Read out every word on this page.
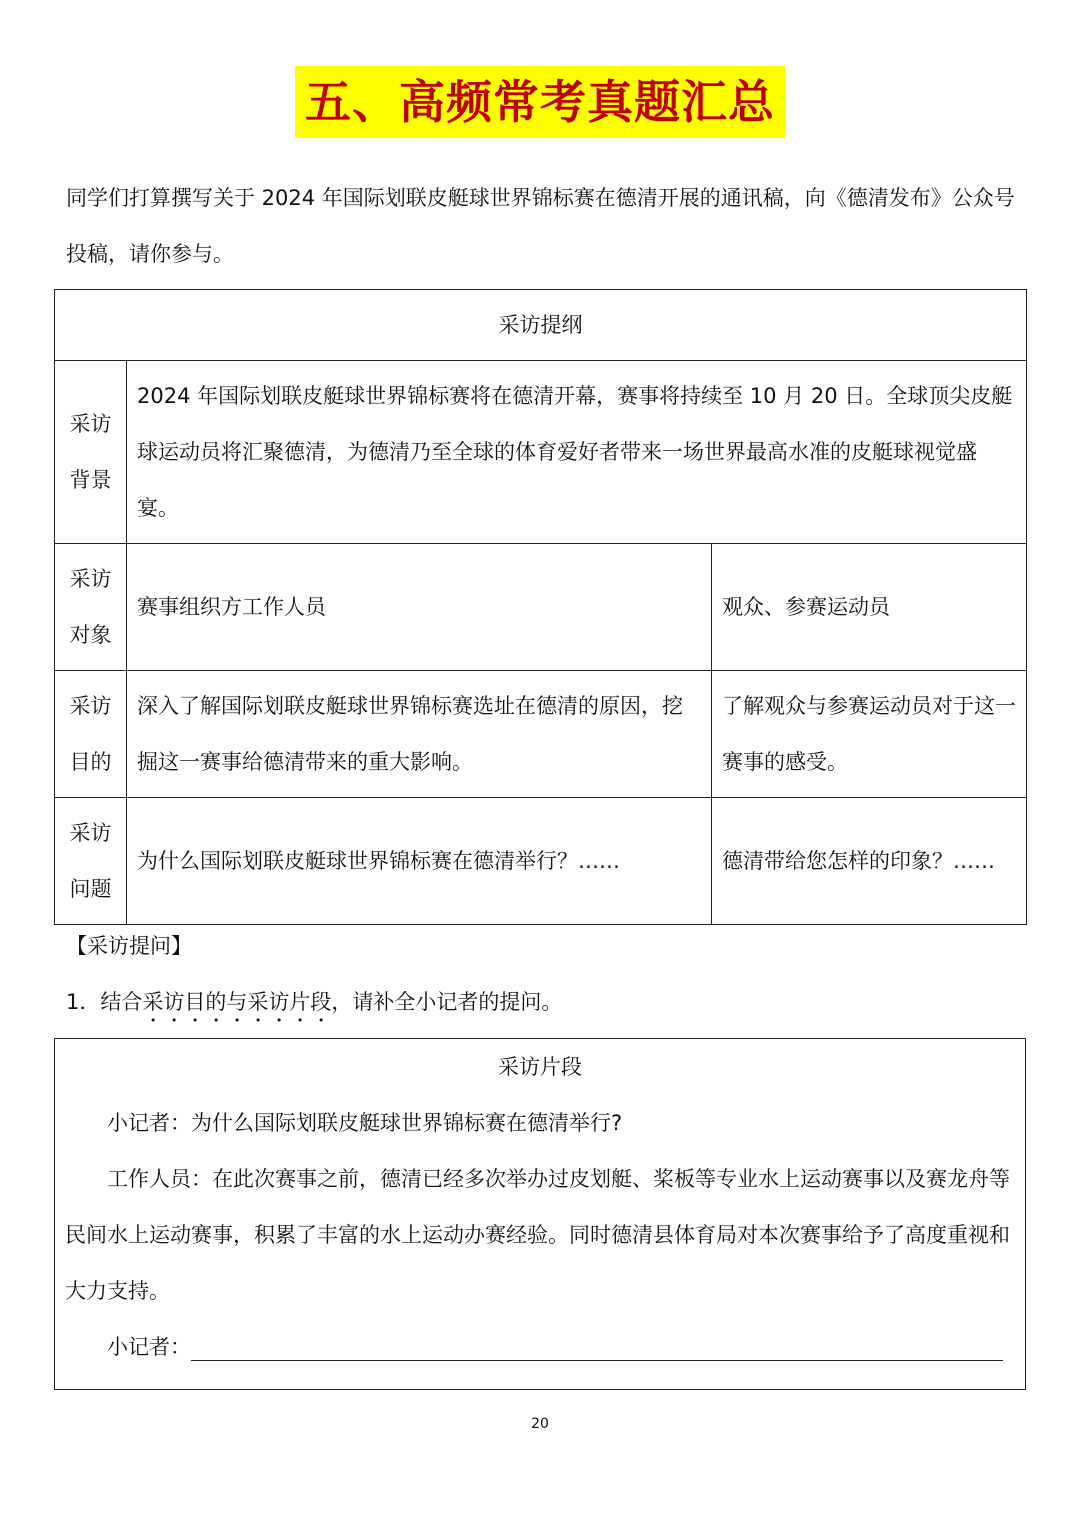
五、高频常考真题汇总

同学们打算撰写关于 2024 年国际划联皮艇球世界锦标赛在德清开展的通讯稿，向《德清发布》公众号投稿，请你参与。

采访提纲		

采访
背景	2024 年国际划联皮艇球世界锦标赛将在德清开幕，赛事将持续至 10 月 20 日。全球顶尖皮艇球运动员将汇聚德清，为德清乃至全球的体育爱好者带来一场世界最高水准的皮艇球视觉盛宴。	

采访
对象	赛事组织方工作人员	观众、参赛运动员

采访
目的	深入了解国际划联皮艇球世界锦标赛选址在德清的原因，挖掘这一赛事给德清带来的重大影响。	了解观众与参赛运动员对于这一赛事的感受。

采访
问题	为什么国际划联皮艇球世界锦标赛在德清举行？……	德清带给您怎样的印象？……

【采访提问】

1．结合采访目的与采访片段，请补全小记者的提问。

采访片段

小记者：为什么国际划联皮艇球世界锦标赛在德清举行?

工作人员：在此次赛事之前，德清已经多次举办过皮划艇、桨板等专业水上运动赛事以及赛龙舟等民间水上运动赛事，积累了丰富的水上运动办赛经验。同时德清县体育局对本次赛事给予了高度重视和大力支持。

小记者：

20
